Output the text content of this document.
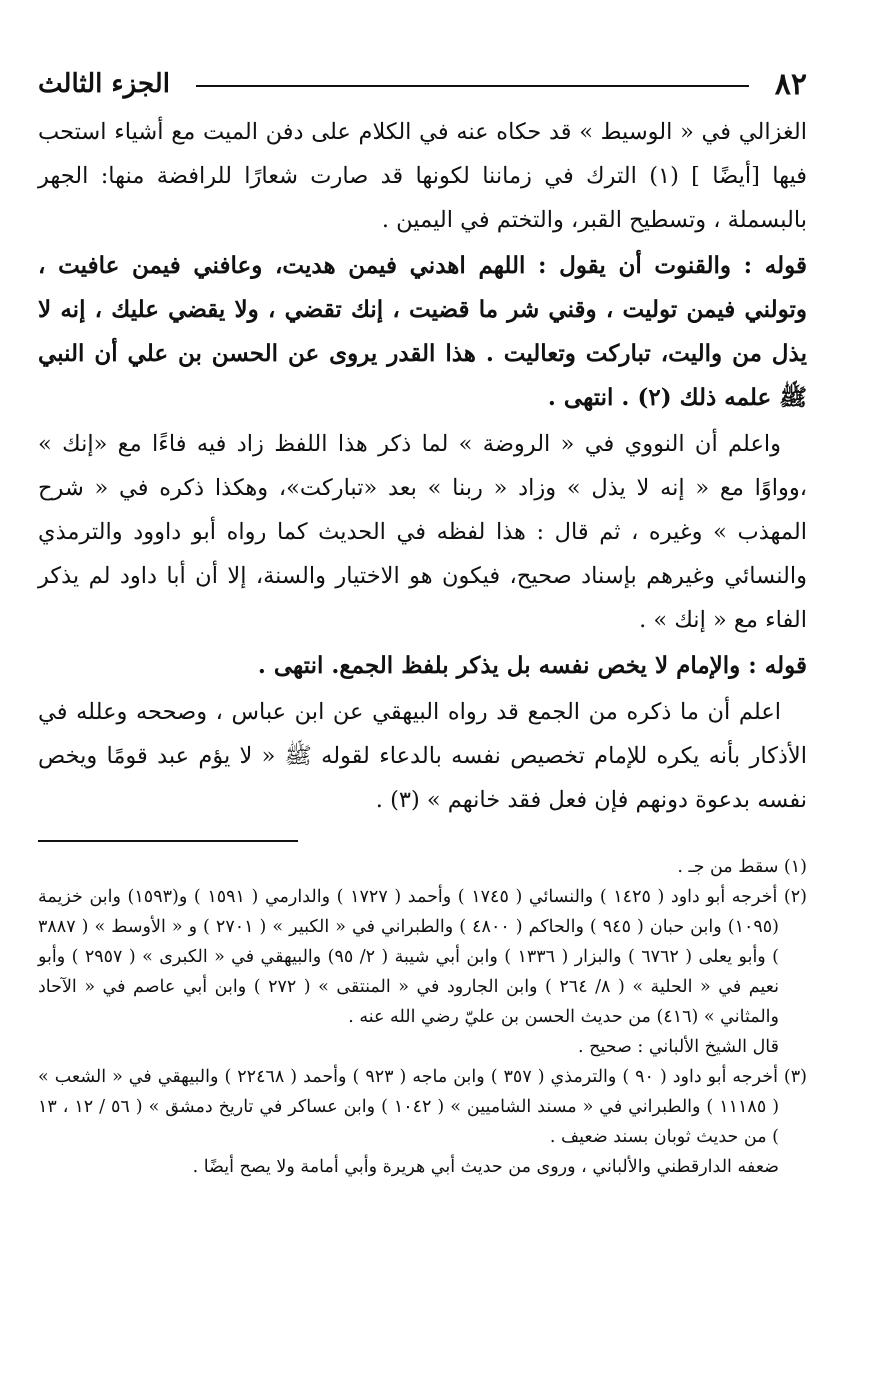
٨٢
الجزء الثالث

الغزالي في « الوسيط » قد حكاه عنه في الكلام على دفن الميت مع أشياء استحب فيها [أيضًا ] (١) الترك في زماننا لكونها قد صارت شعارًا للرافضة منها: الجهر بالبسملة ، وتسطيح القبر، والتختم في اليمين .

قوله : والقنوت أن يقول : اللهم اهدني فيمن هديت، وعافني فيمن عافيت ، وتولني فيمن توليت ، وقني شر ما قضيت ، إنك تقضي ، ولا يقضي عليك ، إنه لا يذل من واليت، تباركت وتعاليت . هذا القدر يروى عن الحسن بن علي أن النبي ﷺ علمه ذلك (٢) . انتهى .

واعلم أن النووي في « الروضة » لما ذكر هذا اللفظ زاد فيه فاءًا مع «إنك » ،وواوًا مع « إنه لا يذل » وزاد « ربنا » بعد «تباركت»، وهكذا ذكره في « شرح المهذب » وغيره ، ثم قال : هذا لفظه في الحديث كما رواه أبو داوود والترمذي والنسائي وغيرهم بإسناد صحيح، فيكون هو الاختيار والسنة، إلا أن أبا داود لم يذكر الفاء مع « إنك » .

قوله : والإمام لا يخص نفسه بل يذكر بلفظ الجمع. انتهى .

اعلم أن ما ذكره من الجمع قد رواه البيهقي عن ابن عباس ، وصححه وعلله في الأذكار بأنه يكره للإمام تخصيص نفسه بالدعاء لقوله ﷺ « لا يؤم عبد قومًا ويخص نفسه بدعوة دونهم فإن فعل فقد خانهم » (٣) .

(١) سقط من جـ .

(٢) أخرجه أبو داود ( ١٤٢٥ ) والنسائي ( ١٧٤٥ ) وأحمد ( ١٧٢٧ ) والدارمي ( ١٥٩١ ) و(١٥٩٣) وابن خزيمة (١٠٩٥) وابن حبان ( ٩٤٥ ) والحاكم ( ٤٨٠٠ ) والطبراني في « الكبير » ( ٢٧٠١ ) و « الأوسط » ( ٣٨٨٧ ) وأبو يعلى ( ٦٧٦٢ ) والبزار ( ١٣٣٦ ) وابن أبي شيبة ( ٢/ ٩٥) والبيهقي في « الكبرى » ( ٢٩٥٧ ) وأبو نعيم في « الحلية » ( ٨/ ٢٦٤ ) وابن الجارود في « المنتقى » ( ٢٧٢ ) وابن أبي عاصم في « الآحاد والمثاني » (٤١٦) من حديث الحسن بن عليّ رضي الله عنه .

قال الشيخ الألباني : صحيح .

(٣) أخرجه أبو داود ( ٩٠ ) والترمذي ( ٣٥٧ ) وابن ماجه ( ٩٢٣ ) وأحمد ( ٢٢٤٦٨ ) والبيهقي في « الشعب » ( ١١١٨٥ ) والطبراني في « مسند الشاميين » ( ١٠٤٢ ) وابن عساكر في تاريخ دمشق » ( ٥٦ / ١٢ ، ١٣ ) من حديث ثوبان بسند ضعيف .

ضعفه الدارقطني والألباني ، وروى من حديث أبي هريرة وأبي أمامة ولا يصح أيضًا .
